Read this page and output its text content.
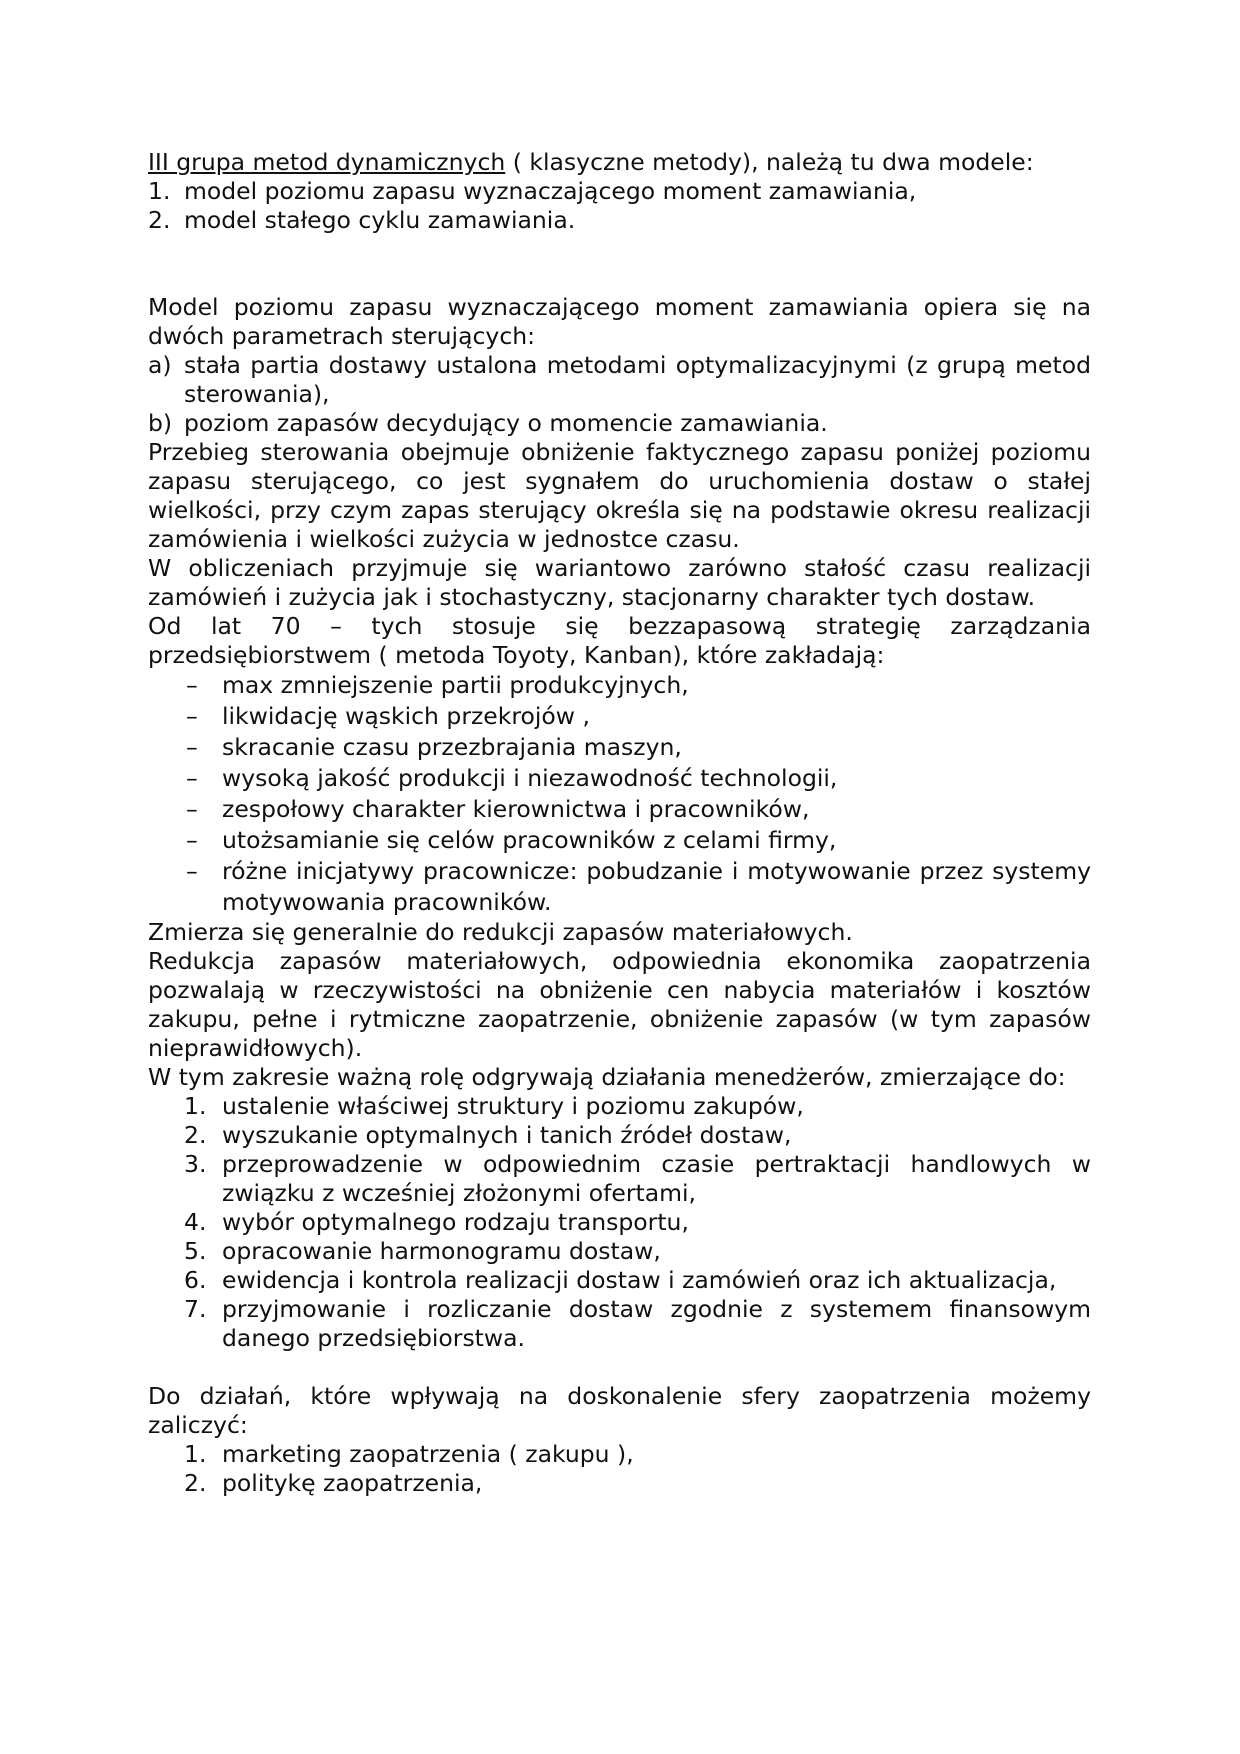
III grupa metod dynamicznych ( klasyczne metody), należą tu dwa modele:

1. model poziomu zapasu wyznaczającego moment zamawiania,
2. model stałego cyklu zamawiania.

Model poziomu zapasu wyznaczającego moment zamawiania opiera się na dwóch parametrach sterujących:

a) stała partia dostawy ustalona metodami optymalizacyjnymi (z grupą metod sterowania),
b) poziom zapasów decydujący o momencie zamawiania.

Przebieg sterowania obejmuje obniżenie faktycznego zapasu poniżej poziomu zapasu sterującego, co jest sygnałem do uruchomienia dostaw o stałej wielkości, przy czym zapas sterujący określa się na podstawie okresu realizacji zamówienia i wielkości zużycia w jednostce czasu.

W obliczeniach przyjmuje się wariantowo zarówno stałość czasu realizacji zamówień i zużycia jak i stochastyczny, stacjonarny charakter tych dostaw.

Od lat 70 – tych stosuje się bezzapasową strategię zarządzania przedsiębiorstwem ( metoda Toyoty, Kanban), które zakładają:

–	max zmniejszenie partii produkcyjnych,
–	likwidację wąskich przekrojów ,
–	skracanie czasu przezbrajania maszyn,
–	wysoką jakość produkcji i niezawodność technologii,
–	zespołowy charakter kierownictwa i pracowników,
–	utożsamianie się celów pracowników z celami firmy,
–	różne inicjatywy pracownicze: pobudzanie i motywowanie przez systemy motywowania pracowników.

Zmierza się generalnie do redukcji zapasów materiałowych.

Redukcja zapasów materiałowych, odpowiednia ekonomika zaopatrzenia pozwalają w rzeczywistości na obniżenie cen nabycia materiałów i kosztów zakupu, pełne i rytmiczne zaopatrzenie, obniżenie zapasów (w tym zapasów nieprawidłowych).

W tym zakresie ważną rolę odgrywają działania menedżerów, zmierzające do:

1. ustalenie właściwej struktury i poziomu zakupów,
2. wyszukanie optymalnych i tanich źródeł dostaw,
3. przeprowadzenie w odpowiednim czasie pertraktacji handlowych w związku z wcześniej złożonymi ofertami,
4. wybór optymalnego rodzaju transportu,
5. opracowanie harmonogramu dostaw,
6. ewidencja i kontrola realizacji dostaw i zamówień oraz ich aktualizacja,
7. przyjmowanie i rozliczanie dostaw zgodnie z systemem finansowym danego przedsiębiorstwa.

Do działań, które wpływają na doskonalenie sfery zaopatrzenia możemy zaliczyć:

1. marketing zaopatrzenia ( zakupu ),
2. politykę zaopatrzenia,
